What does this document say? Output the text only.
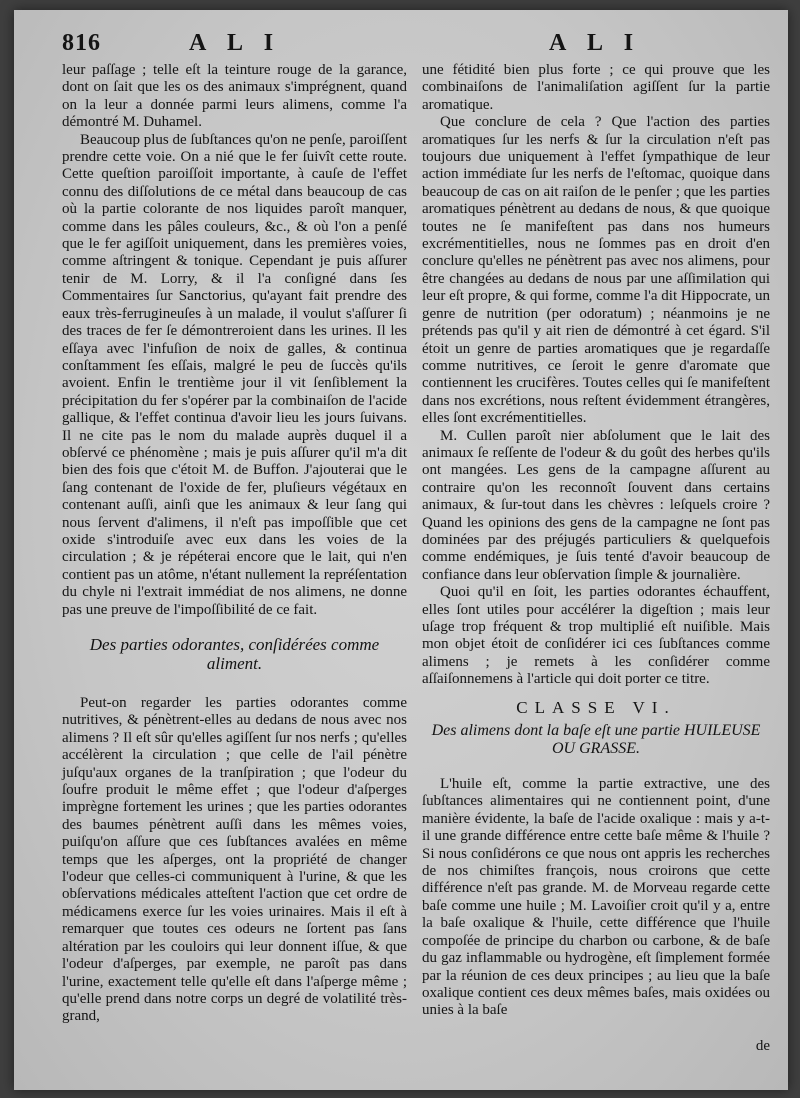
816	A L I	A L I

leur paſſage ; telle eſt la teinture rouge de la garance, dont on ſait que les os des animaux s'imprégnent, quand on la leur a donnée parmi leurs alimens, comme l'a démontré M. Duhamel.

Beaucoup plus de ſubſtances qu'on ne penſe, paroiſſent prendre cette voie. On a nié que le fer ſuivît cette route. Cette queſtion paroiſſoit importante, à cauſe de l'effet connu des diſſolutions de ce métal dans beaucoup de cas où la partie colorante de nos liquides paroît manquer, comme dans les pâles couleurs, &c., & où l'on a penſé que le fer agiſſoit uniquement, dans les premières voies, comme aſtringent & tonique. Cependant je puis aſſurer tenir de M. Lorry, & il l'a conſigné dans ſes Commentaires ſur Sanctorius, qu'ayant fait prendre des eaux très-ferrugineuſes à un malade, il voulut s'aſſurer ſi des traces de fer ſe démontreroient dans les urines. Il les eſſaya avec l'infuſion de noix de galles, & continua conſtamment ſes eſſais, malgré le peu de ſuccès qu'ils avoient. Enfin le trentième jour il vit ſenſiblement la précipitation du fer s'opérer par la combinaiſon de l'acide gallique, & l'effet continua d'avoir lieu les jours ſuivans. Il ne cite pas le nom du malade auprès duquel il a obſervé ce phénomène ; mais je puis aſſurer qu'il m'a dit bien des fois que c'étoit M. de Buffon. J'ajouterai que le ſang contenant de l'oxide de fer, pluſieurs végétaux en contenant auſſi, ainſi que les animaux & leur ſang qui nous ſervent d'alimens, il n'eſt pas impoſſible que cet oxide s'introduiſe avec eux dans les voies de la circulation ; & je répéterai encore que le lait, qui n'en contient pas un atôme, n'étant nullement la repréſentation du chyle ni l'extrait immédiat de nos alimens, ne donne pas une preuve de l'impoſſibilité de ce fait.

Des parties odorantes, conſidérées comme aliment.

Peut-on regarder les parties odorantes comme nutritives, & pénètrent-elles au dedans de nous avec nos alimens ? Il eſt sûr qu'elles agiſſent ſur nos nerfs ; qu'elles accélèrent la circulation ; que celle de l'ail pénètre juſqu'aux organes de la tranſpiration ; que l'odeur du ſoufre produit le même effet ; que l'odeur d'aſperges imprègne fortement les urines ; que les parties odorantes des baumes pénètrent auſſi dans les mêmes voies, puiſqu'on aſſure que ces ſubſtances avalées en même temps que les aſperges, ont la propriété de changer l'odeur que celles-ci communiquent à l'urine, & que les obſervations médicales atteſtent l'action que cet ordre de médicamens exerce ſur les voies urinaires. Mais il eſt à remarquer que toutes ces odeurs ne ſortent pas ſans altération par les couloirs qui leur donnent iſſue, & que l'odeur d'aſperges, par exemple, ne paroît pas dans l'urine, exactement telle qu'elle eſt dans l'aſperge même ; qu'elle prend dans notre corps un degré de volatilité très-grand,

une fétidité bien plus forte ; ce qui prouve que les combinaiſons de l'animaliſation agiſſent ſur la partie aromatique.

Que conclure de cela ? Que l'action des parties aromatiques ſur les nerfs & ſur la circulation n'eſt pas toujours due uniquement à l'effet ſympathique de leur action immédiate ſur les nerfs de l'eſtomac, quoique dans beaucoup de cas on ait raiſon de le penſer ; que les parties aromatiques pénètrent au dedans de nous, & que quoique toutes ne ſe manifeſtent pas dans nos humeurs excrémentitielles, nous ne ſommes pas en droit d'en conclure qu'elles ne pénètrent pas avec nos alimens, pour être changées au dedans de nous par une aſſimilation qui leur eſt propre, & qui forme, comme l'a dit Hippocrate, un genre de nutrition (per odoratum) ; néanmoins je ne prétends pas qu'il y ait rien de démontré à cet égard. S'il étoit un genre de parties aromatiques que je regardaſſe comme nutritives, ce ſeroit le genre d'aromate que contiennent les crucifères. Toutes celles qui ſe manifeſtent dans nos excrétions, nous reſtent évidemment étrangères, elles ſont excrémentitielles.

M. Cullen paroît nier abſolument que le lait des animaux ſe reſſente de l'odeur & du goût des herbes qu'ils ont mangées. Les gens de la campagne aſſurent au contraire qu'on les reconnoît ſouvent dans certains animaux, & ſur-tout dans les chèvres : leſquels croire ? Quand les opinions des gens de la campagne ne ſont pas dominées par des préjugés particuliers & quelquefois comme endémiques, je ſuis tenté d'avoir beaucoup de confiance dans leur obſervation ſimple & journalière.

Quoi qu'il en ſoit, les parties odorantes échauffent, elles ſont utiles pour accélérer la digeſtion ; mais leur uſage trop fréquent & trop multiplié eſt nuiſible. Mais mon objet étoit de conſidérer ici ces ſubſtances comme alimens ; je remets à les conſidérer comme aſſaiſonnemens à l'article qui doit porter ce titre.

CLASSE VI.
Des alimens dont la baſe eſt une partie HUILEUSE OU GRASSE.

L'huile eſt, comme la partie extractive, une des ſubſtances alimentaires qui ne contiennent point, d'une manière évidente, la baſe de l'acide oxalique : mais y a-t-il une grande différence entre cette baſe même & l'huile ? Si nous conſidérons ce que nous ont appris les recherches de nos chimiſtes françois, nous croirons que cette différence n'eſt pas grande. M. de Morveau regarde cette baſe comme une huile ; M. Lavoiſier croit qu'il y a, entre la baſe oxalique & l'huile, cette différence que l'huile compoſée de principe du charbon ou carbone, & de baſe du gaz inflammable ou hydrogène, eſt ſimplement formée par la réunion de ces deux principes ; au lieu que la baſe oxalique contient ces deux mêmes baſes, mais oxidées ou unies à la baſe

de
